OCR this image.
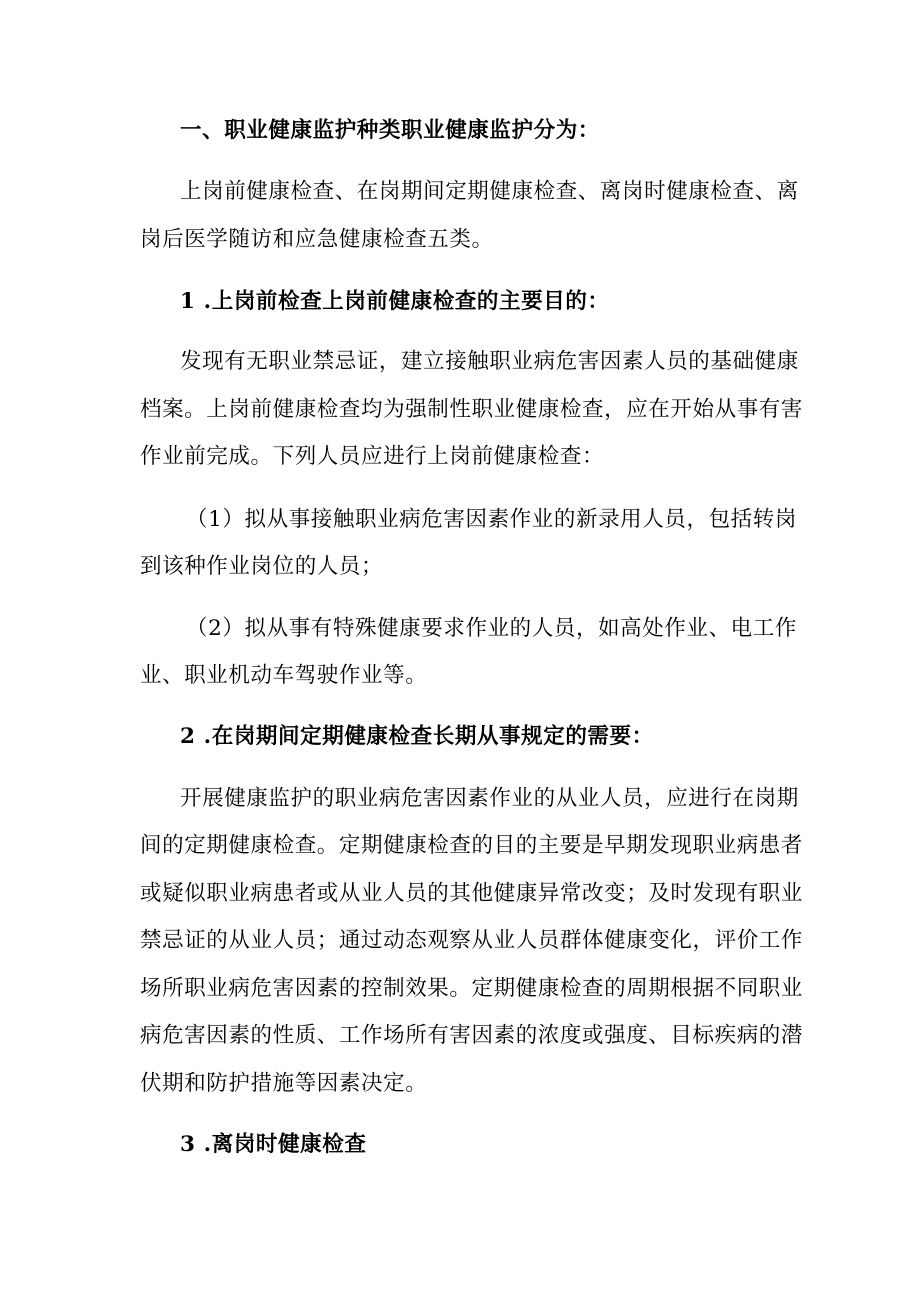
一、职业健康监护种类职业健康监护分为：
上岗前健康检查、在岗期间定期健康检查、离岗时健康检查、离
岗后医学随访和应急健康检查五类。
1 .上岗前检查上岗前健康检查的主要目的：
发现有无职业禁忌证，建立接触职业病危害因素人员的基础健康
档案。上岗前健康检查均为强制性职业健康检查，应在开始从事有害
作业前完成。下列人员应进行上岗前健康检查：
（1）拟从事接触职业病危害因素作业的新录用人员，包括转岗
到该种作业岗位的人员；
（2）拟从事有特殊健康要求作业的人员，如高处作业、电工作
业、职业机动车驾驶作业等。
2 .在岗期间定期健康检查长期从事规定的需要：
开展健康监护的职业病危害因素作业的从业人员，应进行在岗期
间的定期健康检查。定期健康检查的目的主要是早期发现职业病患者
或疑似职业病患者或从业人员的其他健康异常改变；及时发现有职业
禁忌证的从业人员；通过动态观察从业人员群体健康变化，评价工作
场所职业病危害因素的控制效果。定期健康检查的周期根据不同职业
病危害因素的性质、工作场所有害因素的浓度或强度、目标疾病的潜
伏期和防护措施等因素决定。
3 .离岗时健康检查
